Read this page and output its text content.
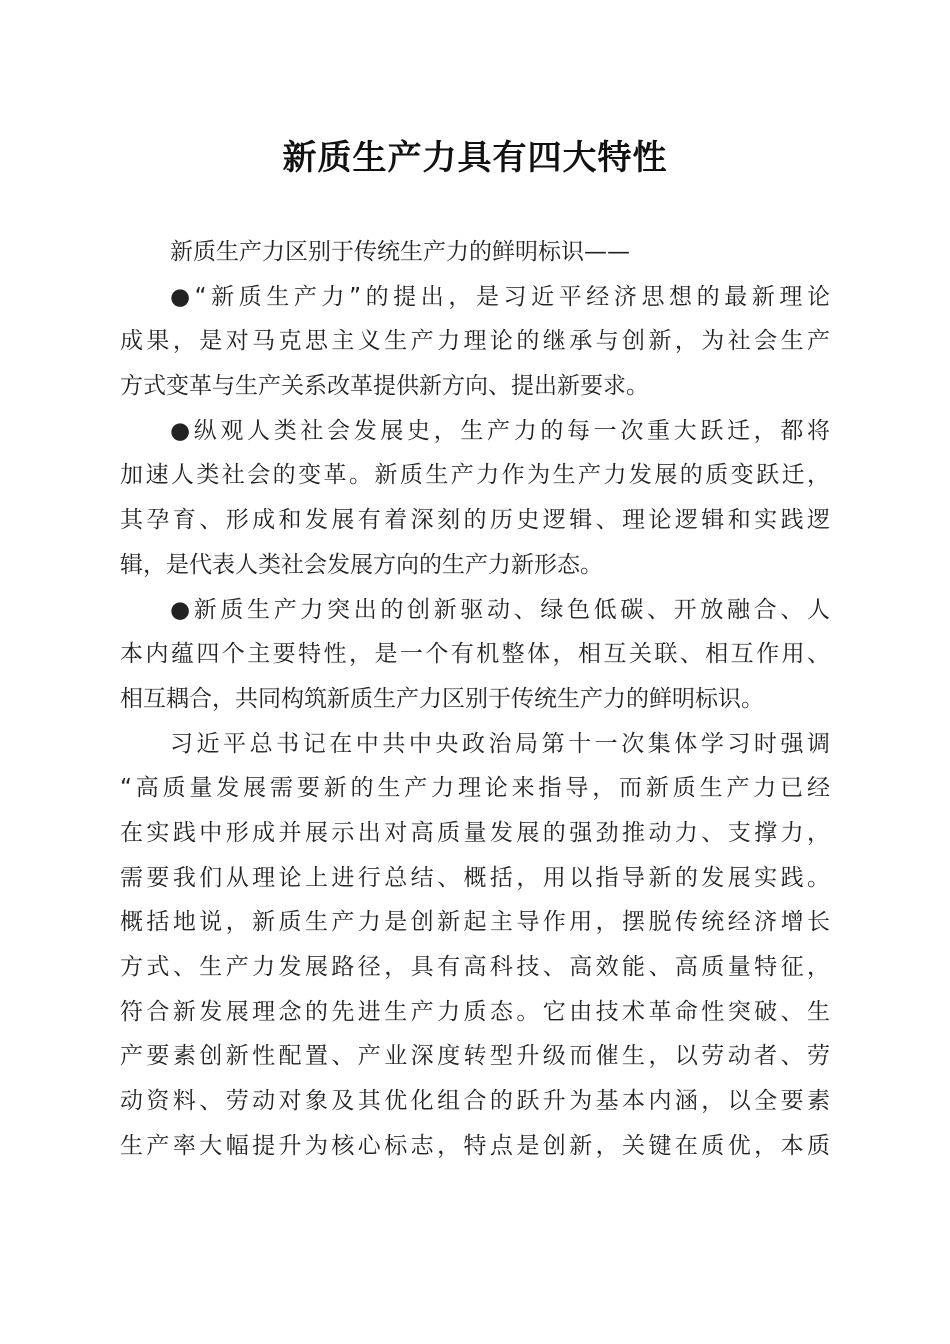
新质生产力具有四大特性
新质生产力区别于传统生产力的鲜明标识——
●“新质生产力”的提出，是习近平经济思想的最新理论
成果，是对马克思主义生产力理论的继承与创新，为社会生产
方式变革与生产关系改革提供新方向、提出新要求。
●纵观人类社会发展史，生产力的每一次重大跃迁，都将
加速人类社会的变革。新质生产力作为生产力发展的质变跃迁，
其孕育、形成和发展有着深刻的历史逻辑、理论逻辑和实践逻
辑，是代表人类社会发展方向的生产力新形态。
●新质生产力突出的创新驱动、绿色低碳、开放融合、人
本内蕴四个主要特性，是一个有机整体，相互关联、相互作用、
相互耦合，共同构筑新质生产力区别于传统生产力的鲜明标识。
习近平总书记在中共中央政治局第十一次集体学习时强调
“高质量发展需要新的生产力理论来指导，而新质生产力已经
在实践中形成并展示出对高质量发展的强劲推动力、支撑力，
需要我们从理论上进行总结、概括，用以指导新的发展实践。
概括地说，新质生产力是创新起主导作用，摆脱传统经济增长
方式、生产力发展路径，具有高科技、高效能、高质量特征，
符合新发展理念的先进生产力质态。它由技术革命性突破、生
产要素创新性配置、产业深度转型升级而催生，以劳动者、劳
动资料、劳动对象及其优化组合的跃升为基本内涵，以全要素
生产率大幅提升为核心标志，特点是创新，关键在质优，本质
